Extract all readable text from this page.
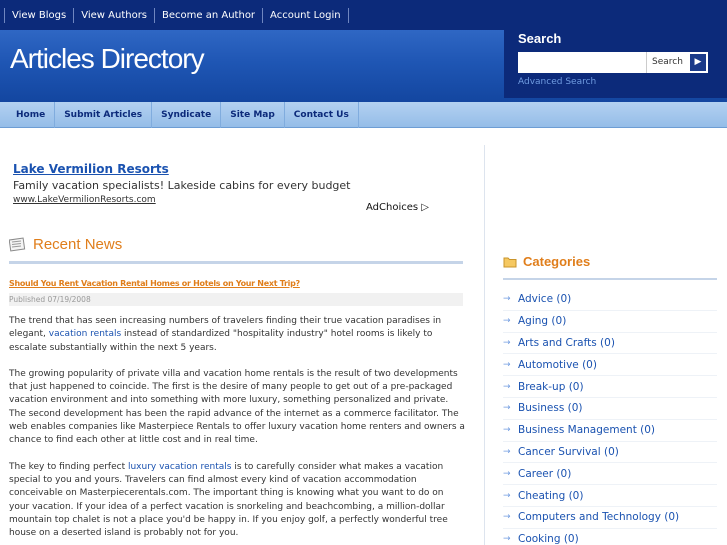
View Blogs	View Authors	Become an Author	Account Login
Articles Directory
Search
Search	▶
Advanced Search
Home	Submit Articles	Syndicate	Site Map	Contact Us
Lake Vermilion Resorts
Family vacation specialists! Lakeside cabins for every budget
www.LakeVermilionResorts.com
AdChoices ▷
Recent News
Should You Rent Vacation Rental Homes or Hotels on Your Next Trip?
Published 07/19/2008

The trend that has seen increasing numbers of travelers finding their true vacation paradises in elegant, vacation rentals instead of standardized "hospitality industry" hotel rooms is likely to escalate substantially within the next 5 years.

The growing popularity of private villa and vacation home rentals is the result of two developments that just happened to coincide. The first is the desire of many people to get out of a pre-packaged vacation environment and into something with more luxury, something personalized and private. The second development has been the rapid advance of the internet as a commerce facilitator. The web enables companies like Masterpiece Rentals to offer luxury vacation home renters and owners a chance to find each other at little cost and in real time.

The key to finding perfect luxury vacation rentals is to carefully consider what makes a vacation special to you and yours. Travelers can find almost every kind of vacation accommodation conceivable on Masterpiecerentals.com. The important thing is knowing what you want to do on your vacation. If your idea of a perfect vacation is snorkeling and beachcombing, a million-dollar mountain top chalet is not a place you'd be happy in. If you enjoy golf, a perfectly wonderful tree house on a deserted island is probably not for you.

Categories
→ Advice (0)
→ Aging (0)
→ Arts and Crafts (0)
→ Automotive (0)
→ Break-up (0)
→ Business (0)
→ Business Management (0)
→ Cancer Survival (0)
→ Career (0)
→ Cheating (0)
→ Computers and Technology (0)
→ Cooking (0)
